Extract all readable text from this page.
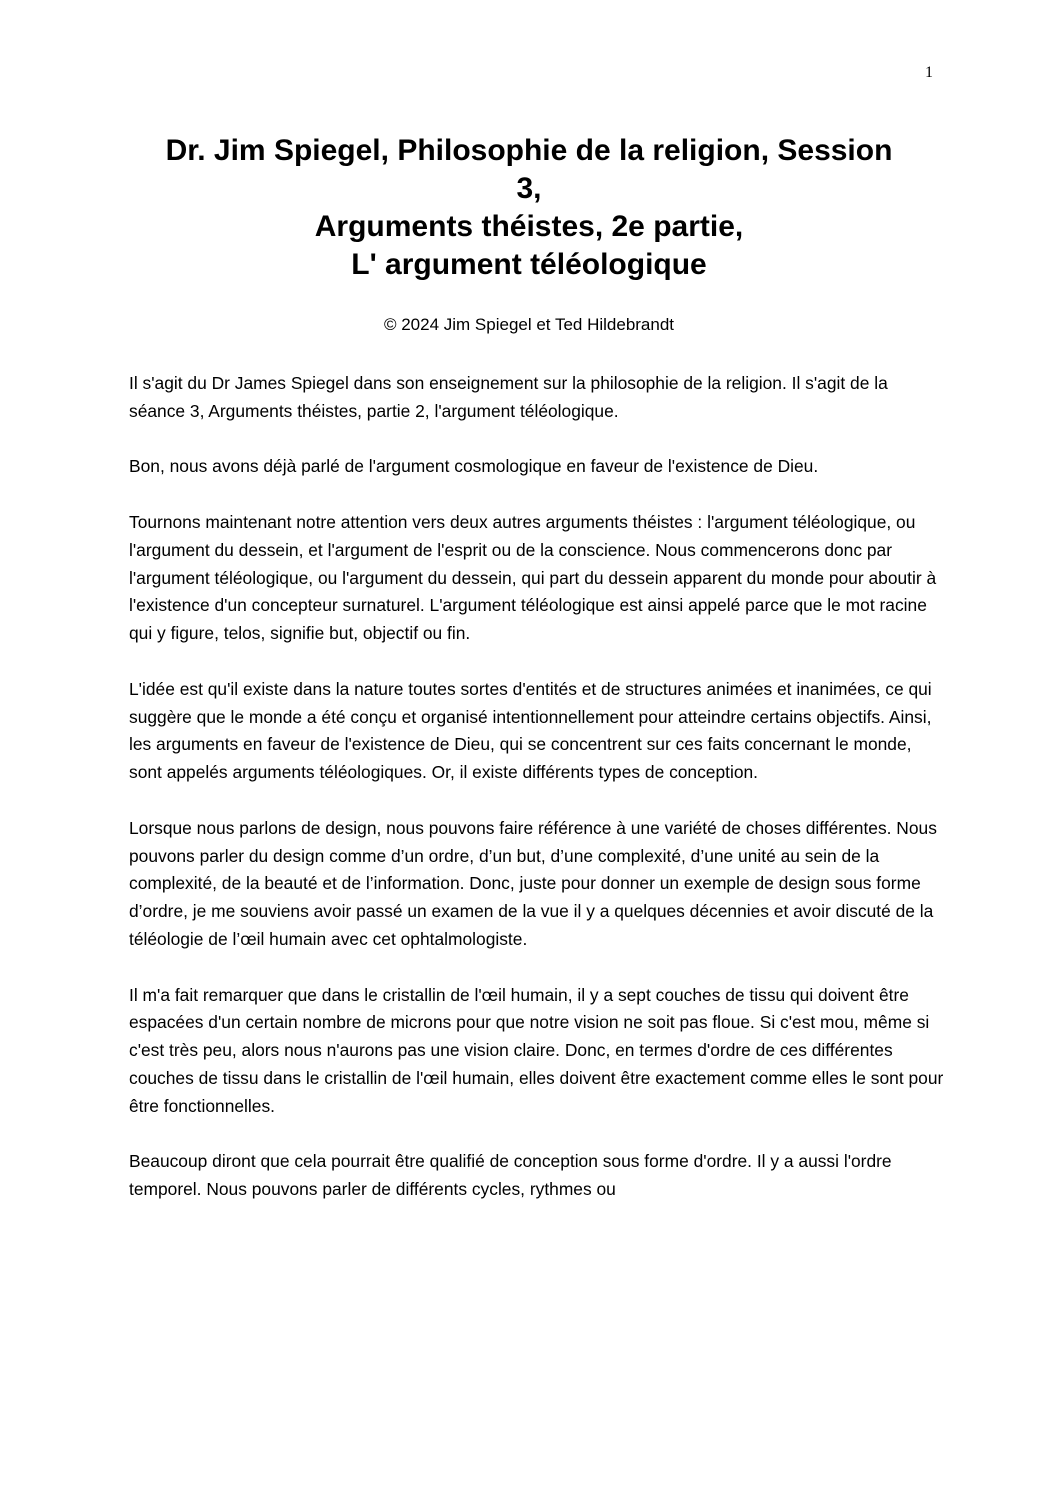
1
Dr. Jim Spiegel, Philosophie de la religion, Session
3,
Arguments théistes, 2e partie,
L' argument téléologique
© 2024 Jim Spiegel et Ted Hildebrandt

Il s'agit du Dr James Spiegel dans son enseignement sur la philosophie de la religion. Il s'agit de la séance 3, Arguments théistes, partie 2, l'argument téléologique.

Bon, nous avons déjà parlé de l'argument cosmologique en faveur de l'existence de Dieu.

Tournons maintenant notre attention vers deux autres arguments théistes : l'argument téléologique, ou l'argument du dessein, et l'argument de l'esprit ou de la conscience. Nous commencerons donc par l'argument téléologique, ou l'argument du dessein, qui part du dessein apparent du monde pour aboutir à l'existence d'un concepteur surnaturel. L'argument téléologique est ainsi appelé parce que le mot racine qui y figure, telos, signifie but, objectif ou fin.

L'idée est qu'il existe dans la nature toutes sortes d'entités et de structures animées et inanimées, ce qui suggère que le monde a été conçu et organisé intentionnellement pour atteindre certains objectifs. Ainsi, les arguments en faveur de l'existence de Dieu, qui se concentrent sur ces faits concernant le monde, sont appelés arguments téléologiques. Or, il existe différents types de conception.

Lorsque nous parlons de design, nous pouvons faire référence à une variété de choses différentes. Nous pouvons parler du design comme d’un ordre, d’un but, d’une complexité, d’une unité au sein de la complexité, de la beauté et de l’information. Donc, juste pour donner un exemple de design sous forme d’ordre, je me souviens avoir passé un examen de la vue il y a quelques décennies et avoir discuté de la téléologie de l’œil humain avec cet ophtalmologiste.

Il m'a fait remarquer que dans le cristallin de l'œil humain, il y a sept couches de tissu qui doivent être espacées d'un certain nombre de microns pour que notre vision ne soit pas floue. Si c'est mou, même si c'est très peu, alors nous n'aurons pas une vision claire. Donc, en termes d'ordre de ces différentes couches de tissu dans le cristallin de l'œil humain, elles doivent être exactement comme elles le sont pour être fonctionnelles.

Beaucoup diront que cela pourrait être qualifié de conception sous forme d'ordre. Il y a aussi l'ordre temporel. Nous pouvons parler de différents cycles, rythmes ou
